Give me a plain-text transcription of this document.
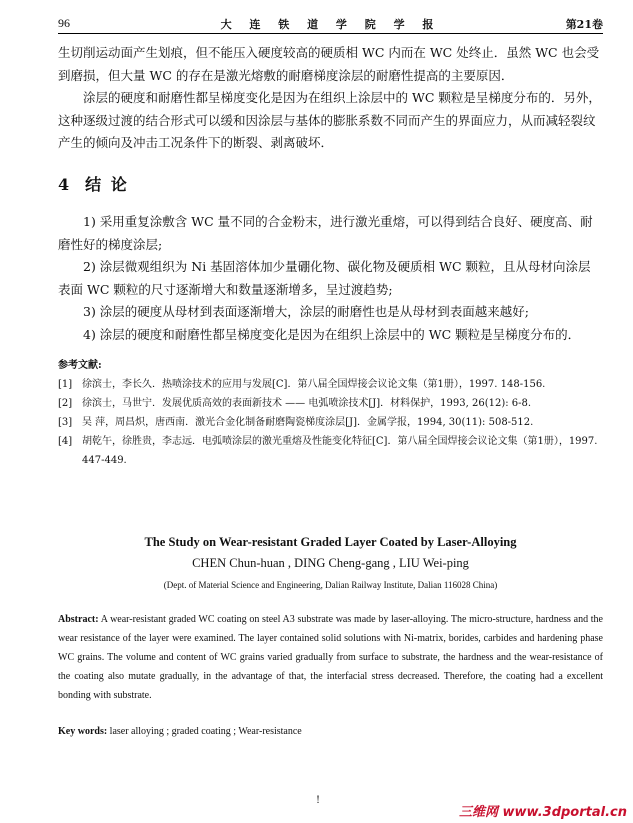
96	大 连 铁 道 学 院 学 报	第21卷

生切削运动面产生划痕，但不能压入硬度较高的硬质相 WC 内而在 WC 处终止．虽然 WC 也会受到磨损，但大量 WC 的存在是激光熔敷的耐磨梯度涂层的耐磨性提高的主要原因．

涂层的硬度和耐磨性都呈梯度变化是因为在组织上涂层中的 WC 颗粒是呈梯度分布的．另外，这种逐级过渡的结合形式可以缓和因涂层与基体的膨胀系数不同而产生的界面应力，从而减轻裂纹产生的倾向及冲击工况条件下的断裂、剥离破坏．

4 结 论

1) 采用重复涂敷含 WC 量不同的合金粉末，进行激光重熔，可以得到结合良好、硬度高、耐磨性好的梯度涂层;

2) 涂层微观组织为 Ni 基固溶体加少量硼化物、碳化物及硬质相 WC 颗粒，且从母材向涂层表面 WC 颗粒的尺寸逐渐增大和数量逐渐增多，呈过渡趋势;

3) 涂层的硬度从母材到表面逐渐增大，涂层的耐磨性也是从母材到表面越来越好;

4) 涂层的硬度和耐磨性都呈梯度变化是因为在组织上涂层中的 WC 颗粒是呈梯度分布的．

参考文献:
[1] 徐滨士，李长久．热喷涂技术的应用与发展[C]．第八届全国焊接会议论文集（第1册），1997. 148-156.
[2] 徐滨士，马世宁．发展优质高效的表面新技术 —— 电弧喷涂技术[J]．材料保护，1993, 26(12): 6-8.
[3] 吴 萍，周昌炽，唐西南．激光合金化制备耐磨陶瓷梯度涂层[J]．金属学报，1994, 30(11): 508-512.
[4] 胡乾午，徐胜贵，李志远．电弧喷涂层的激光重熔及性能变化特征[C]．第八届全国焊接会议论文集（第1册），1997. 447-449.
The Study on Wear-resistant Graded Layer Coated by Laser-Alloying
CHEN Chun-huan , DING Cheng-gang , LIU Wei-ping
(Dept. of Material Science and Engineering, Dalian Railway Institute, Dalian 116028 China)
Abstract: A wear-resistant graded WC coating on steel A3 substrate was made by laser-alloying. The micro-structure, hardness and the wear resistance of the layer were examined. The layer contained solid solutions with Ni-matrix, borides, carbides and hardening phase WC grains. The volume and content of WC grains varied gradually from surface to substrate, the hardness and the wear-resistance of the coating also mutate gradually, in the advantage of that, the interfacial stress decreased. Therefore, the coating had a excellent bonding with substrate.
Key words: laser alloying ; graded coating ; Wear-resistance
!
三维网 www.3dportal.cn
